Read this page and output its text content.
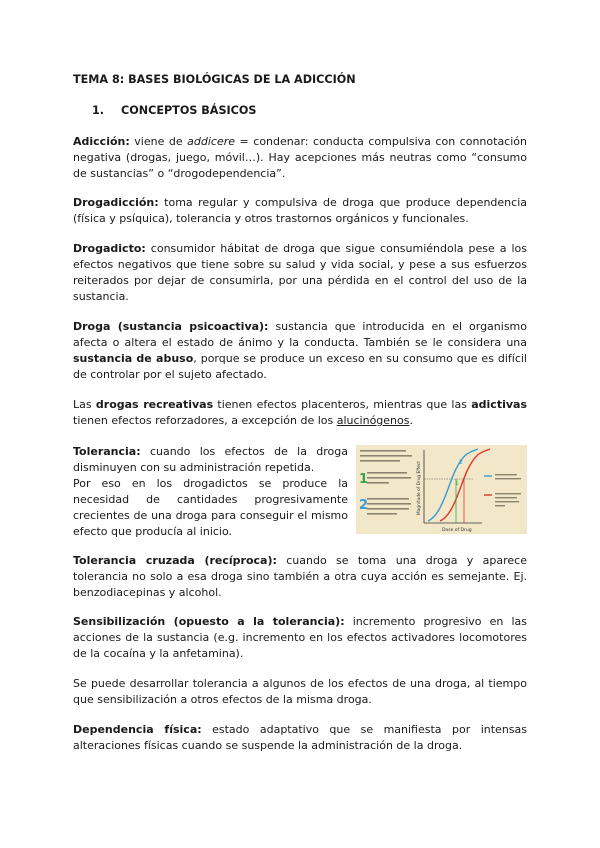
TEMA 8: BASES BIOLÓGICAS DE LA ADICCIÓN
1. CONCEPTOS BÁSICOS
Adicción: viene de addicere = condenar: conducta compulsiva con connotación negativa (drogas, juego, móvil…). Hay acepciones más neutras como “consumo de sustancias” o “drogodependencia”.
Drogadicción: toma regular y compulsiva de droga que produce dependencia (física y psíquica), tolerancia y otros trastornos orgánicos y funcionales.
Drogadicto: consumidor hábitat de droga que sigue consumiéndola pese a los efectos negativos que tiene sobre su salud y vida social, y pese a sus esfuerzos reiterados por dejar de consumirla, por una pérdida en el control del uso de la sustancia.
Droga (sustancia psicoactiva): sustancia que introducida en el organismo afecta o altera el estado de ánimo y la conducta. También se le considera una sustancia de abuso, porque se produce un exceso en su consumo que es difícil de controlar por el sujeto afectado.
Las drogas recreativas tienen efectos placenteros, mientras que las adictivas tienen efectos reforzadores, a excepción de los alucinógenos.
Tolerancia: cuando los efectos de la droga disminuyen con su administración repetida.
Por eso en los drogadictos se produce la necesidad de cantidades progresivamente crecientes de una droga para conseguir el mismo efecto que producía al inicio.
1
2	Magnitude of Drug Effect
Dose of Drug
1
2
Tolerancia cruzada (recíproca): cuando se toma una droga y aparece tolerancia no solo a esa droga sino también a otra cuya acción es semejante. Ej. benzodiacepinas y alcohol.
Sensibilización (opuesto a la tolerancia): incremento progresivo en las acciones de la sustancia (e.g. incremento en los efectos activadores locomotores de la cocaína y la anfetamina).
Se puede desarrollar tolerancia a algunos de los efectos de una droga, al tiempo que sensibilización a otros efectos de la misma droga.
Dependencia física: estado adaptativo que se manifiesta por intensas alteraciones físicas cuando se suspende la administración de la droga.
